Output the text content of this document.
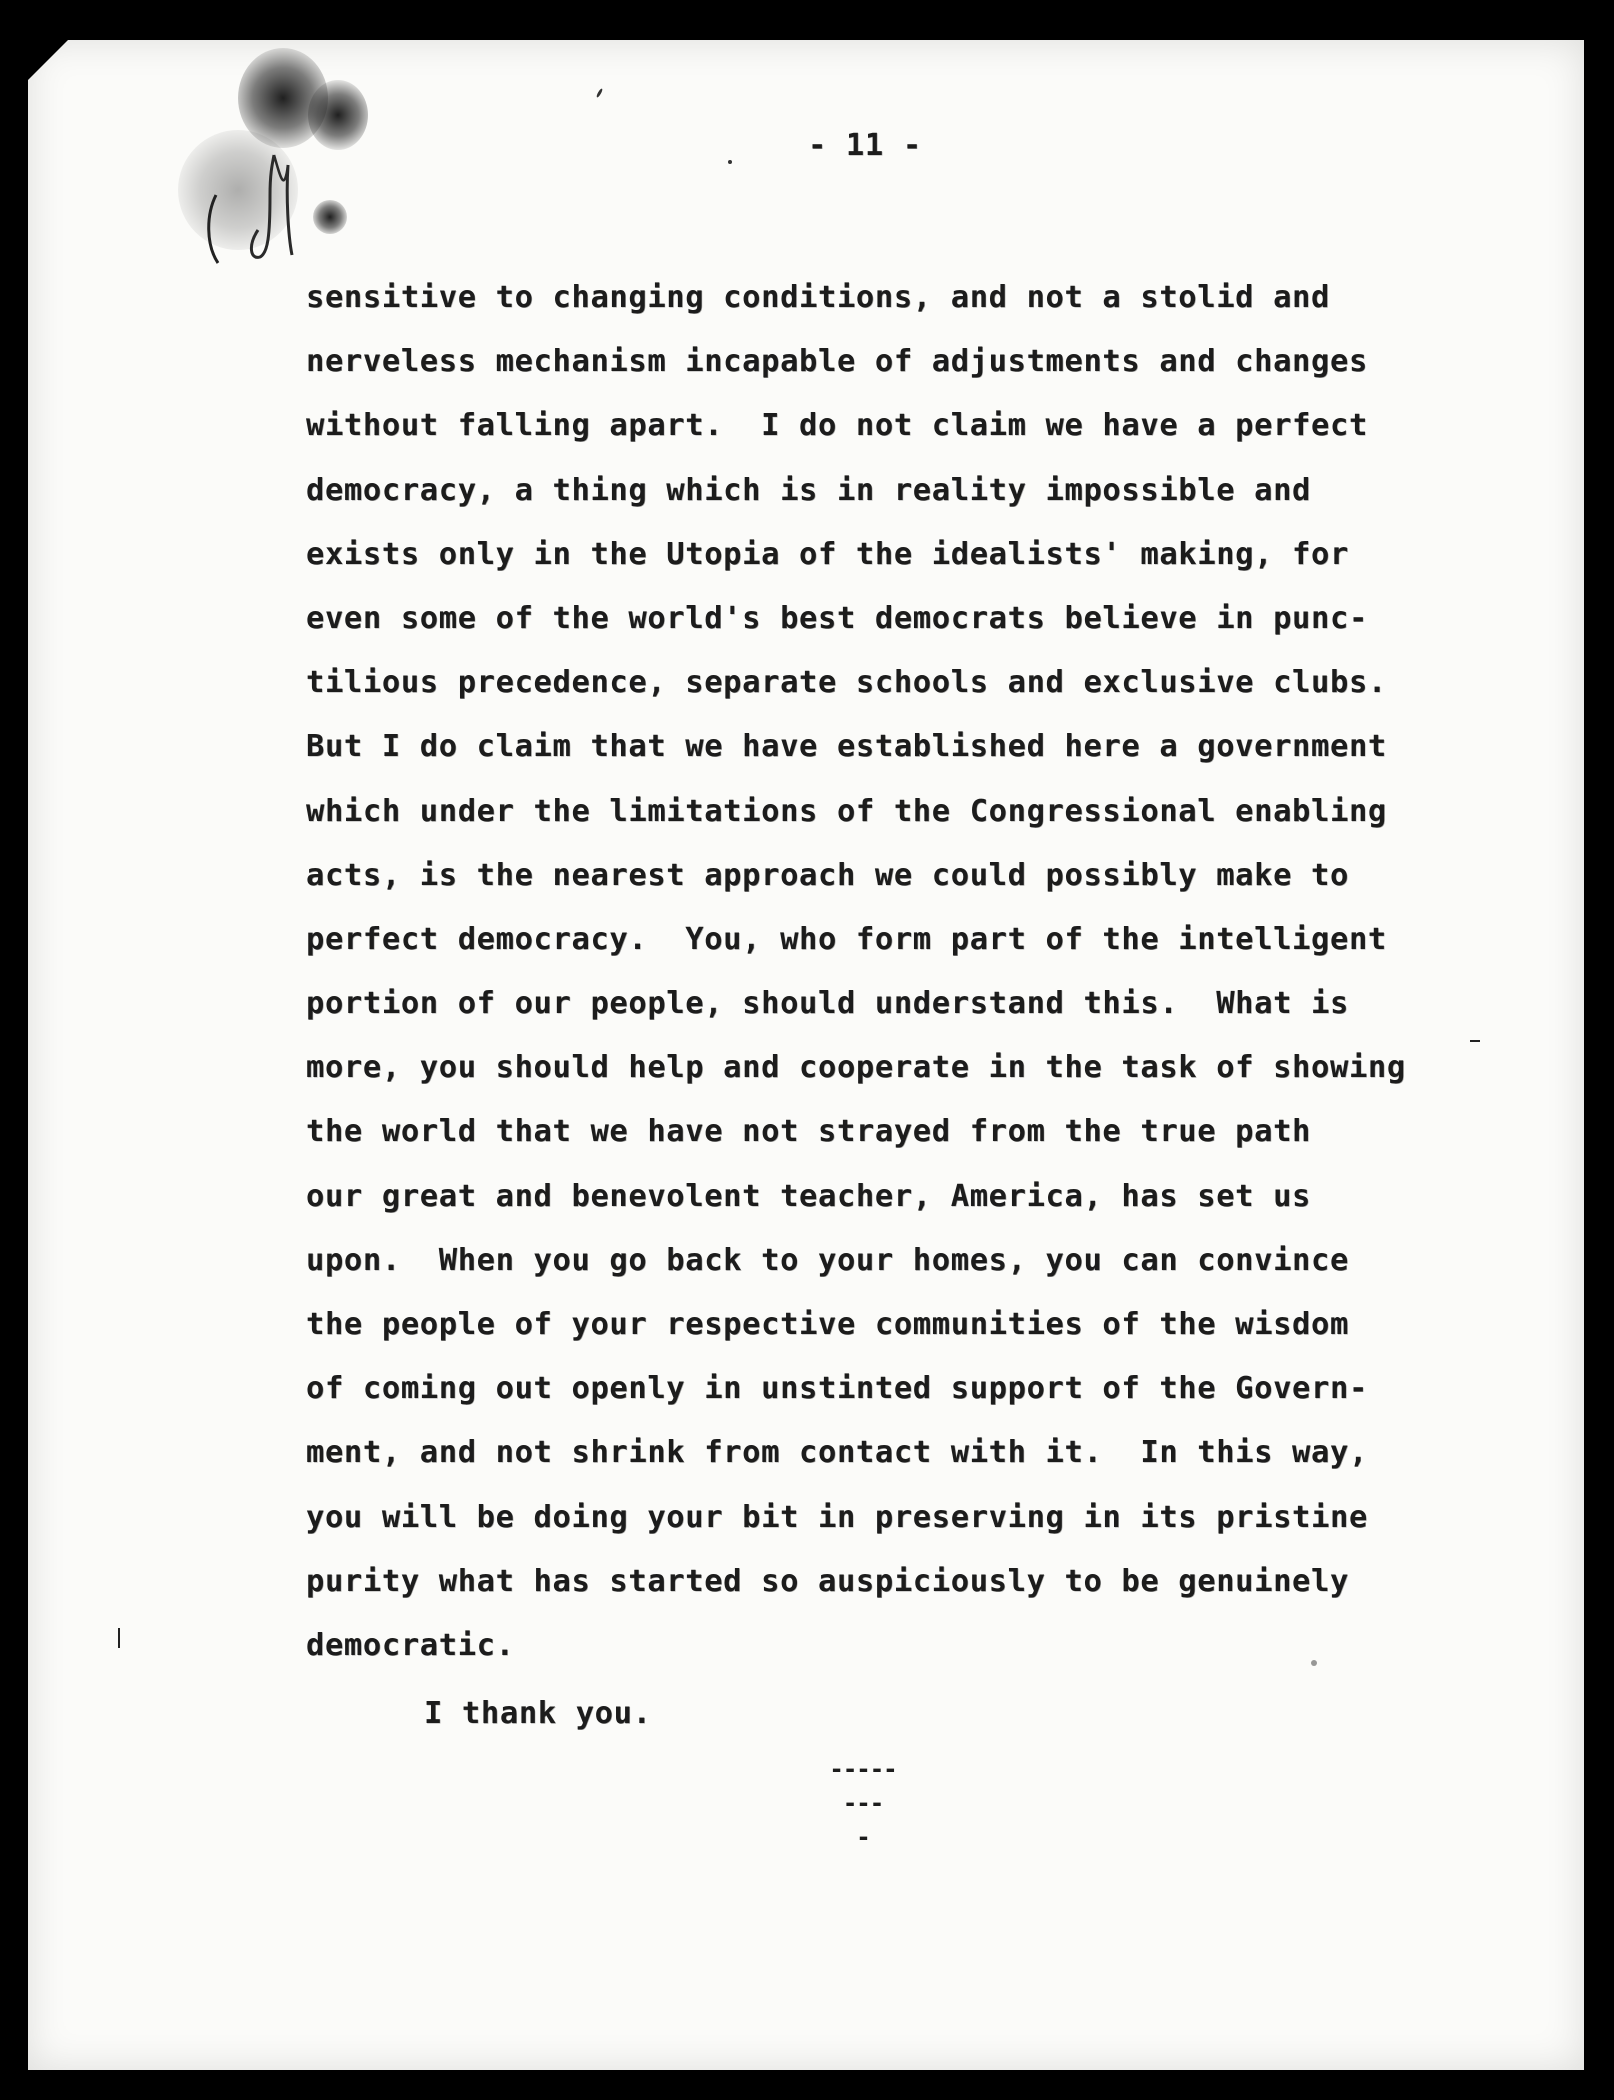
- 11 -
sensitive to changing conditions, and not a stolid and
nerveless mechanism incapable of adjustments and changes
without falling apart.  I do not claim we have a perfect
democracy, a thing which is in reality impossible and
exists only in the Utopia of the idealists' making, for
even some of the world's best democrats believe in punc-
tilious precedence, separate schools and exclusive clubs.
But I do claim that we have established here a government
which under the limitations of the Congressional enabling
acts, is the nearest approach we could possibly make to
perfect democracy.  You, who form part of the intelligent
portion of our people, should understand this.  What is
more, you should help and cooperate in the task of showing
the world that we have not strayed from the true path
our great and benevolent teacher, America, has set us
upon.  When you go back to your homes, you can convince
the people of your respective communities of the wisdom
of coming out openly in unstinted support of the Govern-
ment, and not shrink from contact with it.  In this way,
you will be doing your bit in preserving in its pristine
purity what has started so auspiciously to be genuinely
democratic.
I thank you.
-----
---
-
